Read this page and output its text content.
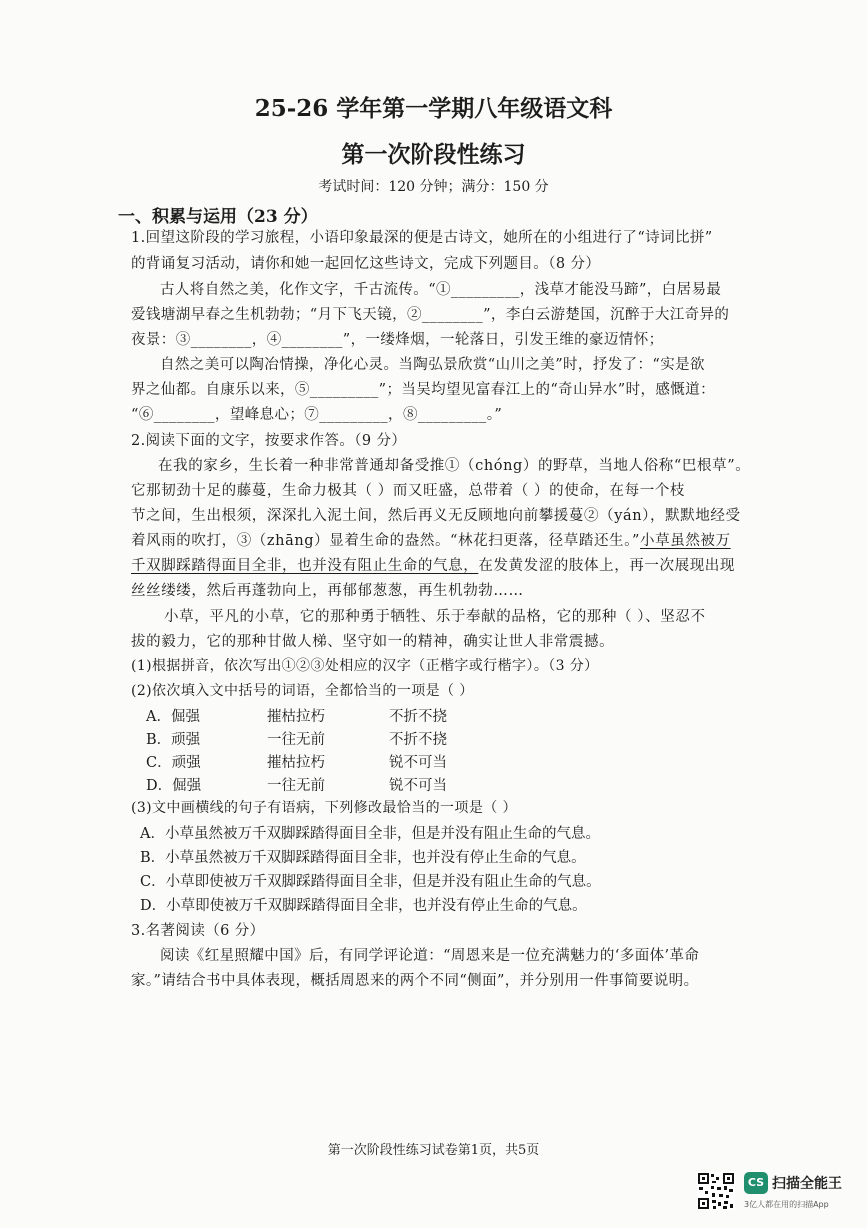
25-26 学年第一学期八年级语文科
第一次阶段性练习
考试时间：120 分钟；满分：150 分
一、积累与运用（23 分）
1.回望这阶段的学习旅程，小语印象最深的便是古诗文，她所在的小组进行了“诗词比拼”
的背诵复习活动，请你和她一起回忆这些诗文，完成下列题目。（8 分）
古人将自然之美，化作文字，千古流传。“①_________，浅草才能没马蹄”，白居易最
爱钱塘湖早春之生机勃勃；“月下飞天镜，②________”，李白云游楚国，沉醉于大江奇异的
夜景：③________，④________”，一缕烽烟，一轮落日，引发王维的豪迈情怀；
自然之美可以陶冶情操，净化心灵。当陶弘景欣赏“山川之美”时，抒发了：“实是欲
界之仙都。自康乐以来，⑤_________”；当吴均望见富春江上的“奇山异水”时，感慨道：
“⑥________，望峰息心；⑦_________，⑧_________。”
2.阅读下面的文字，按要求作答。（9 分）
在我的家乡，生长着一种非常普通却备受推①（chóng）的野草，当地人俗称“巴根草”。
它那韧劲十足的藤蔓，生命力极其（ ）而又旺盛，总带着（ ）的使命，在每一个枝
节之间，生出根须，深深扎入泥土间，然后再义无反顾地向前攀援蔓②（yán），默默地经受
着风雨的吹打，③（zhāng）显着生命的盎然。“林花扫更落，径草踏还生。”小草虽然被万
千双脚踩踏得面目全非，也并没有阻止生命的气息，在发黄发涩的肢体上，再一次展现出现
丝丝缕缕，然后再蓬勃向上，再郁郁葱葱，再生机勃勃……
小草，平凡的小草，它的那种勇于牺牲、乐于奉献的品格，它的那种（ ）、坚忍不
拔的毅力，它的那种甘做人梯、坚守如一的精神，确实让世人非常震撼。
(1)根据拼音，依次写出①②③处相应的汉字（正楷字或行楷字）。（3 分）
(2)依次填入文中括号的词语，全都恰当的一项是（ ）
A．倔强	摧枯拉朽	不折不挠
B．顽强	一往无前	不折不挠
C．顽强	摧枯拉朽	锐不可当
D．倔强	一往无前	锐不可当
(3)文中画横线的句子有语病，下列修改最恰当的一项是（ ）
A．小草虽然被万千双脚踩踏得面目全非，但是并没有阻止生命的气息。
B．小草虽然被万千双脚踩踏得面目全非，也并没有停止生命的气息。
C．小草即使被万千双脚踩踏得面目全非，但是并没有阻止生命的气息。
D．小草即使被万千双脚踩踏得面目全非，也并没有停止生命的气息。
3.名著阅读（6 分）
阅读《红星照耀中国》后，有同学评论道：“周恩来是一位充满魅力的‘多面体’革命
家。”请结合书中具体表现，概括周恩来的两个不同“侧面”，并分别用一件事简要说明。
第一次阶段性练习试卷第1页，共5页
CS 扫描全能王
3亿人都在用的扫描App
